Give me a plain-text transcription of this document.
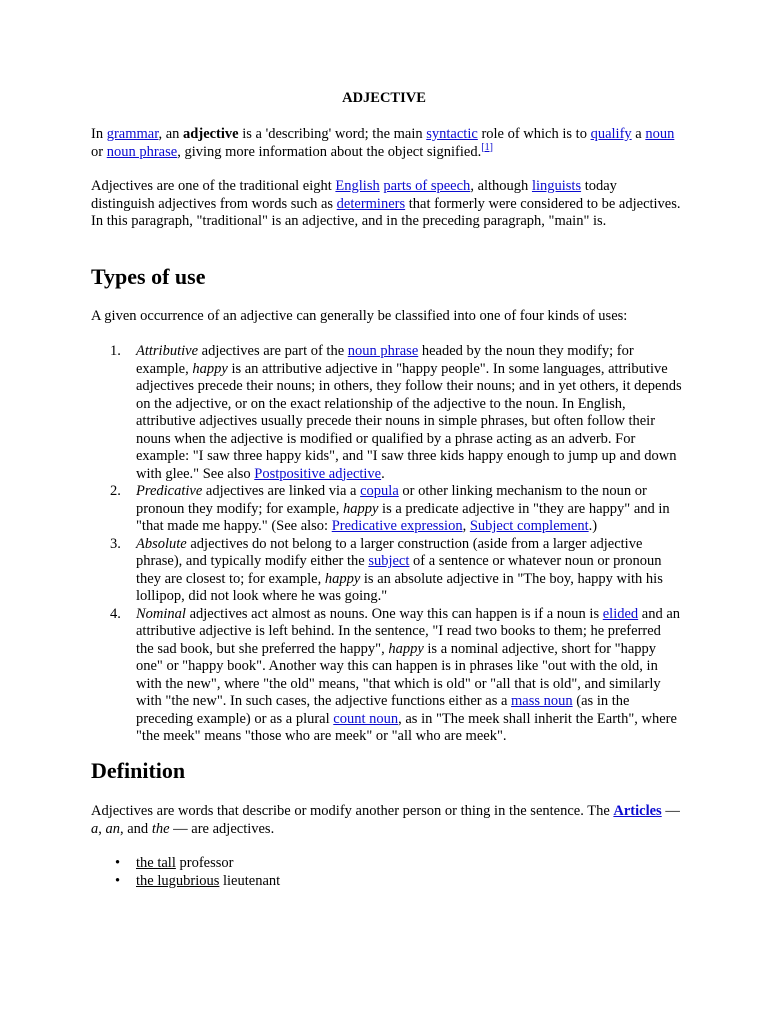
ADJECTIVE

In grammar, an adjective is a 'describing' word; the main syntactic role of which is to qualify a noun or noun phrase, giving more information about the object signified.[1]

Adjectives are one of the traditional eight English parts of speech, although linguists today distinguish adjectives from words such as determiners that formerly were considered to be adjectives. In this paragraph, "traditional" is an adjective, and in the preceding paragraph, "main" is.

Types of use

A given occurrence of an adjective can generally be classified into one of four kinds of uses:

1. Attributive adjectives are part of the noun phrase headed by the noun they modify; for example, happy is an attributive adjective in "happy people". In some languages, attributive adjectives precede their nouns; in others, they follow their nouns; and in yet others, it depends on the adjective, or on the exact relationship of the adjective to the noun. In English, attributive adjectives usually precede their nouns in simple phrases, but often follow their nouns when the adjective is modified or qualified by a phrase acting as an adverb. For example: "I saw three happy kids", and "I saw three kids happy enough to jump up and down with glee." See also Postpositive adjective.
2. Predicative adjectives are linked via a copula or other linking mechanism to the noun or pronoun they modify; for example, happy is a predicate adjective in "they are happy" and in "that made me happy." (See also: Predicative expression, Subject complement.)
3. Absolute adjectives do not belong to a larger construction (aside from a larger adjective phrase), and typically modify either the subject of a sentence or whatever noun or pronoun they are closest to; for example, happy is an absolute adjective in "The boy, happy with his lollipop, did not look where he was going."
4. Nominal adjectives act almost as nouns. One way this can happen is if a noun is elided and an attributive adjective is left behind. In the sentence, "I read two books to them; he preferred the sad book, but she preferred the happy", happy is a nominal adjective, short for "happy one" or "happy book". Another way this can happen is in phrases like "out with the old, in with the new", where "the old" means, "that which is old" or "all that is old", and similarly with "the new". In such cases, the adjective functions either as a mass noun (as in the preceding example) or as a plural count noun, as in "The meek shall inherit the Earth", where "the meek" means "those who are meek" or "all who are meek".
Definition

Adjectives are words that describe or modify another person or thing in the sentence. The Articles — a, an, and the — are adjectives.

• the tall professor
• the lugubrious lieutenant
